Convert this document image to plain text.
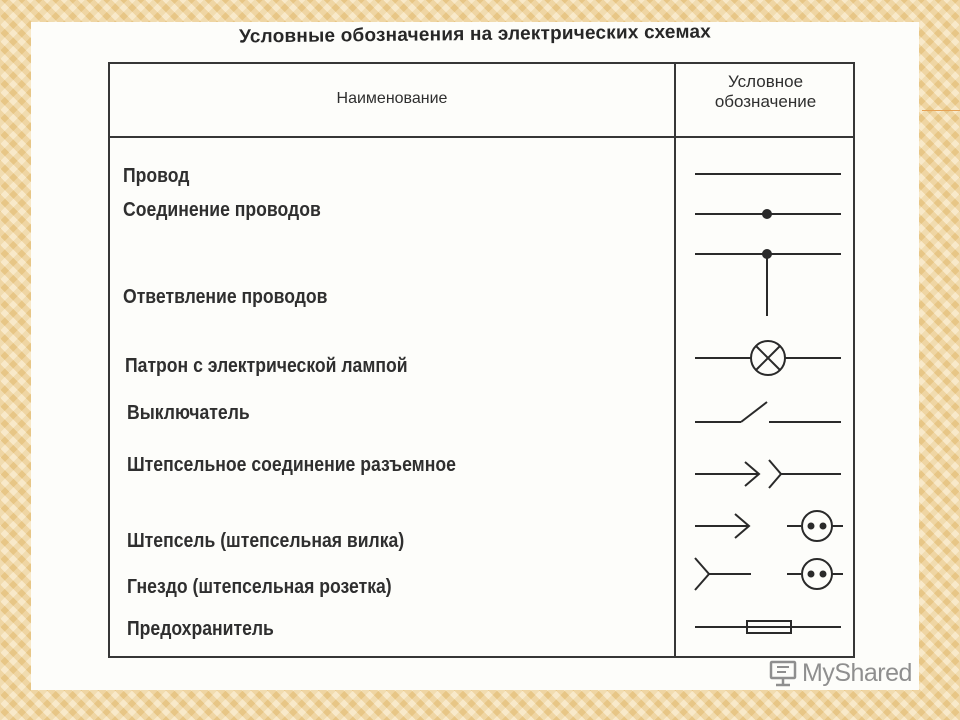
Условные обозначения на электрических схемах
Наименование
Условное
обозначение
Провод
Соединение проводов
Ответвление проводов
Патрон с электрической лампой
Выключатель
Штепсельное соединение разъемное
Штепсель (штепсельная вилка)
Гнездо (штепсельная розетка)
Предохранитель
MyShared
